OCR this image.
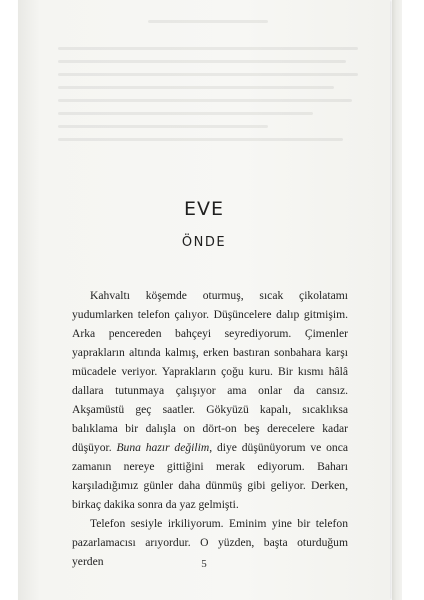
EVE
ÖNDE

Kahvaltı köşemde oturmuş, sıcak çikolatamı yudumlarken telefon çalıyor. Düşüncelere dalıp gitmişim. Arka pencereden bahçeyi seyrediyorum. Çimenler yaprakların altında kalmış, erken bastıran sonbahara karşı mücadele veriyor. Yaprakların çoğu kuru. Bir kısmı hâlâ dallara tutunmaya çalışıyor ama onlar da cansız. Akşamüstü geç saatler. Gökyüzü kapalı, sıcaklıksa balıklama bir dalışla on dört-on beş derecelere kadar düşüyor. Buna hazır değilim, diye düşünüyorum ve onca zamanın nereye gittiğini merak ediyorum. Baharı karşıladığımız günler daha dünmüş gibi geliyor. Derken, birkaç dakika sonra da yaz gelmişti.

Telefon sesiyle irkiliyorum. Eminim yine bir telefon pazarlamacısı arıyordur. O yüzden, başta oturduğum yerden	5
